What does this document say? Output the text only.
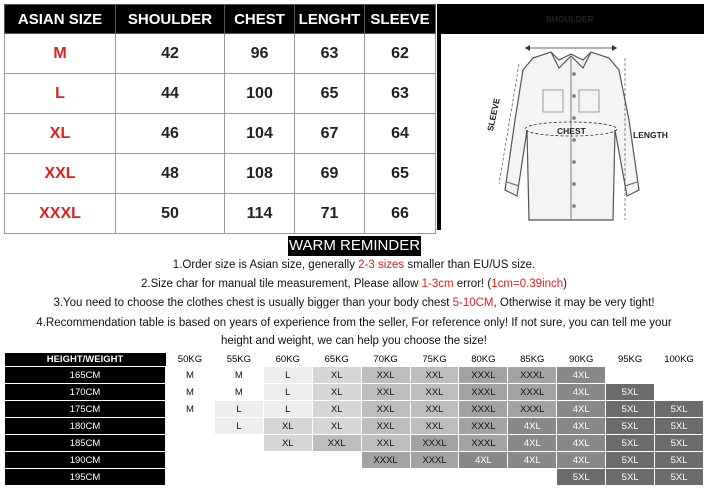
ASIAN SIZE	SHOULDER	CHEST	LENGHT	SLEEVE
M	42	96	63	62
L	44	100	65	63
XL	46	104	67	64
XXL	48	108	69	65
XXXL	50	114	71	66
SHOULDER
CHEST	LENGTH
SLEEVE
WARM REMINDER
1.Order size is Asian size, generally 2-3 sizes smaller than EU/US size.
2.Size char for manual tile measurement, Please allow 1-3cm error! (1cm=0.39inch)
3.You need to choose the clothes chest is usually bigger than your body chest 5-10CM, Otherwise it may be very tight!
4.Recommendation table is based on years of experience from the seller, For reference only! If not sure, you can tell me your
height and weight, we can help you choose the size!
HEIGHT/WEIGHT	50KG	55KG	60KG	65KG	70KG	75KG	80KG	85KG	90KG	95KG	100KG
165CM	M	M	L	XL	XXL	XXL	XXXL	XXXL	4XL		
170CM	M	M	L	XL	XXL	XXL	XXXL	XXXL	4XL	5XL	
175CM	M	L	L	XL	XXL	XXL	XXXL	XXXL	4XL	5XL	5XL
180CM		L	XL	XL	XXL	XXL	XXXL	4XL	4XL	5XL	5XL
185CM			XL	XXL	XXL	XXXL	XXXL	4XL	4XL	5XL	5XL
190CM					XXXL	XXXL	4XL	4XL	4XL	5XL	5XL
195CM									5XL	5XL	5XL
